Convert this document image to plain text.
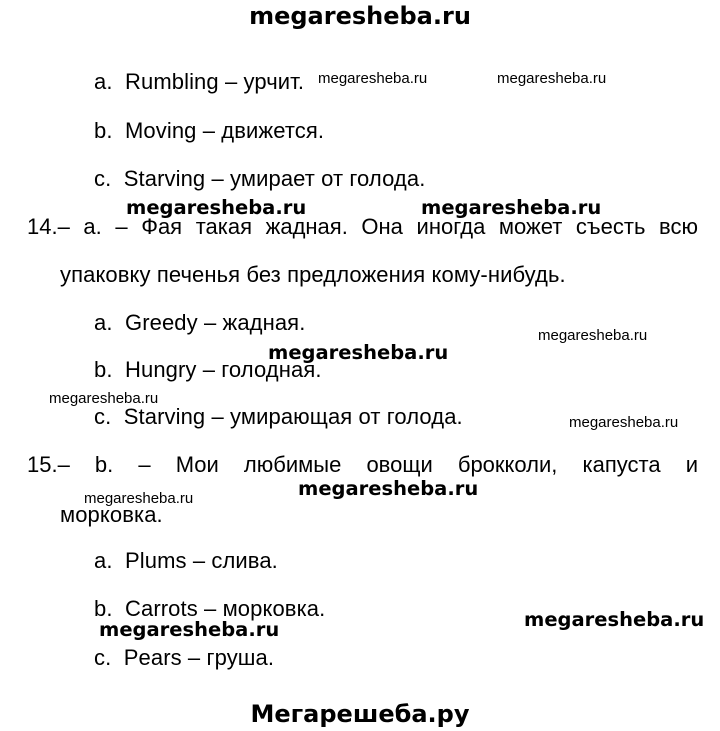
megaresheba.ru
a. Rumbling – урчит.
b. Moving – движется.
c. Starving – умирает от голода.
14.– a. – Фая такая жадная. Она иногда может съесть всю
упаковку печенья без предложения кому-нибудь.
a. Greedy – жадная.
b. Hungry – голодная.
c. Starving – умирающая от голода.
15.– b. – Мои любимые овощи брокколи, капуста и
морковка.
a. Plums – слива.
b. Carrots – морковка.
c. Pears – груша.
megaresheba.ru	megaresheba.ru
megaresheba.ru	megaresheba.ru
megaresheba.ru
megaresheba.ru
megaresheba.ru
megaresheba.ru
megaresheba.ru
megaresheba.ru
megaresheba.ru
megaresheba.ru
Мегарешеба.ру
